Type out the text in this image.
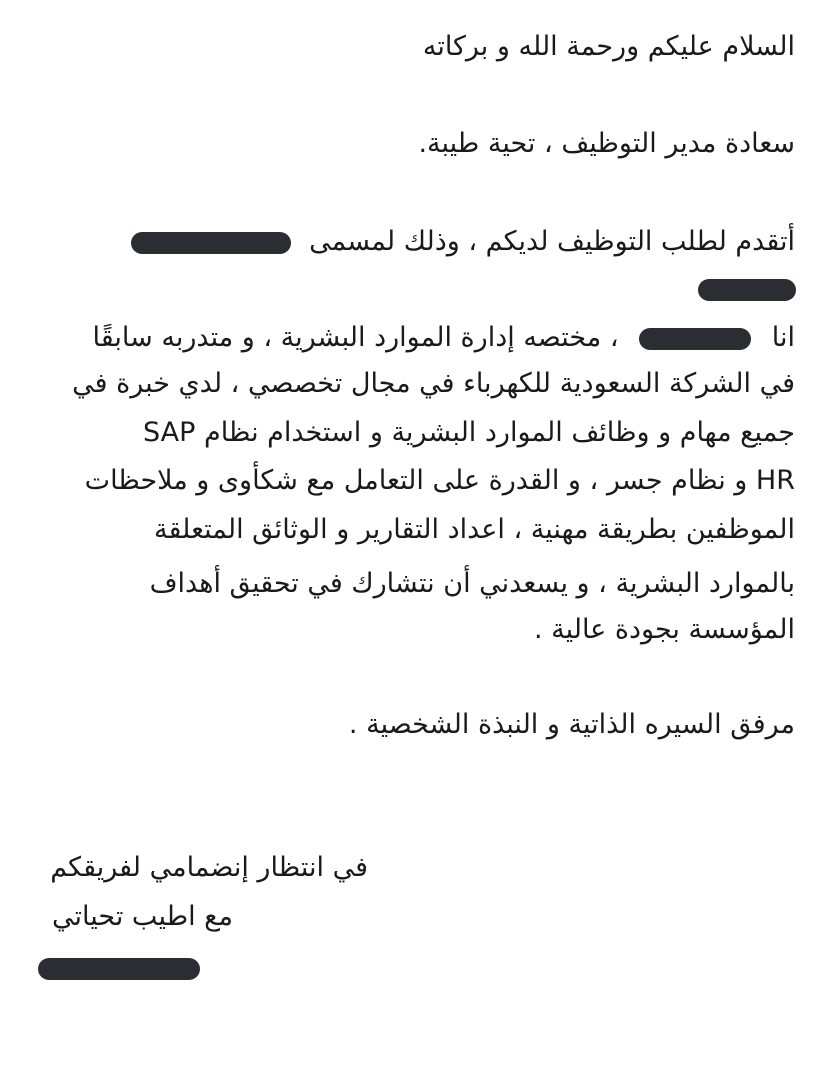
السلام عليكم ورحمة الله و بركاته
سعادة مدير التوظيف ، تحية طيبة.
أتقدم لطلب التوظيف لديكم ، وذلك لمسمى
انا  ، مختصه إدارة الموارد البشرية ، و متدربه سابقًا
في الشركة السعودية للكهرباء في مجال تخصصي ، لدي خبرة في
جميع مهام و وظائف الموارد البشرية و استخدام نظام SAP
HR و نظام جسر ، و القدرة على التعامل مع شكأوى و ملاحظات
الموظفين بطريقة مهنية ، اعداد التقارير و الوثائق المتعلقة
بالموارد البشرية ، و يسعدني أن نتشارك في تحقيق أهداف
المؤسسة بجودة عالية .
مرفق السيره الذاتية و النبذة الشخصية .
في انتظار إنضمامي لفريقكم
مع اطيب تحياتي
